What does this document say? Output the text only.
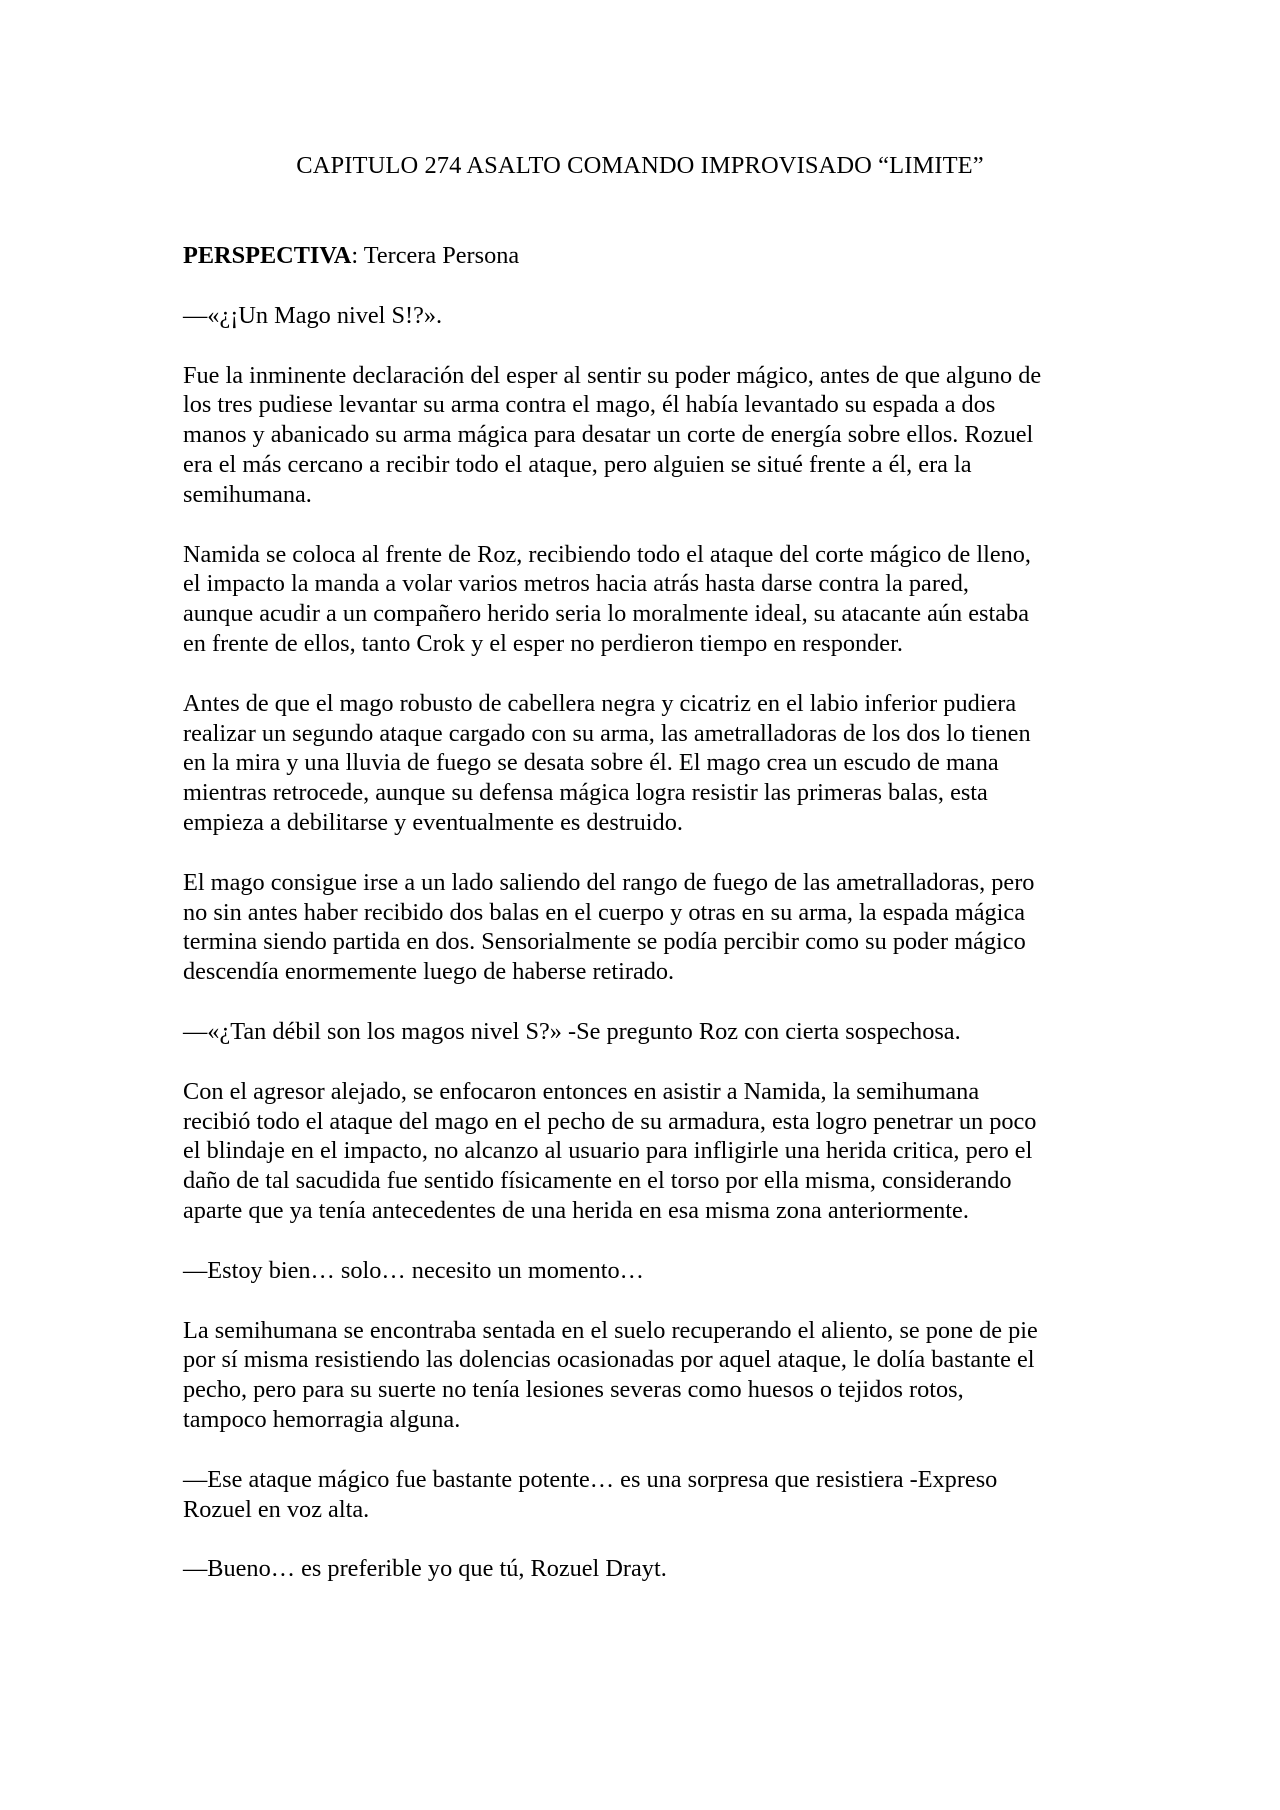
CAPITULO 274 ASALTO COMANDO IMPROVISADO “LIMITE”

PERSPECTIVA: Tercera Persona

—«¿¡Un Mago nivel S!?».

Fue la inminente declaración del esper al sentir su poder mágico, antes de que alguno de
los tres pudiese levantar su arma contra el mago, él había levantado su espada a dos
manos y abanicado su arma mágica para desatar un corte de energía sobre ellos. Rozuel
era el más cercano a recibir todo el ataque, pero alguien se situé frente a él, era la
semihumana.

Namida se coloca al frente de Roz, recibiendo todo el ataque del corte mágico de lleno,
el impacto la manda a volar varios metros hacia atrás hasta darse contra la pared,
aunque acudir a un compañero herido seria lo moralmente ideal, su atacante aún estaba
en frente de ellos, tanto Crok y el esper no perdieron tiempo en responder.

Antes de que el mago robusto de cabellera negra y cicatriz en el labio inferior pudiera
realizar un segundo ataque cargado con su arma, las ametralladoras de los dos lo tienen
en la mira y una lluvia de fuego se desata sobre él. El mago crea un escudo de mana
mientras retrocede, aunque su defensa mágica logra resistir las primeras balas, esta
empieza a debilitarse y eventualmente es destruido.

El mago consigue irse a un lado saliendo del rango de fuego de las ametralladoras, pero
no sin antes haber recibido dos balas en el cuerpo y otras en su arma, la espada mágica
termina siendo partida en dos. Sensorialmente se podía percibir como su poder mágico
descendía enormemente luego de haberse retirado.

—«¿Tan débil son los magos nivel S?» -Se pregunto Roz con cierta sospechosa.

Con el agresor alejado, se enfocaron entonces en asistir a Namida, la semihumana
recibió todo el ataque del mago en el pecho de su armadura, esta logro penetrar un poco
el blindaje en el impacto, no alcanzo al usuario para infligirle una herida critica, pero el
daño de tal sacudida fue sentido físicamente en el torso por ella misma, considerando
aparte que ya tenía antecedentes de una herida en esa misma zona anteriormente.

—Estoy bien… solo… necesito un momento…

La semihumana se encontraba sentada en el suelo recuperando el aliento, se pone de pie
por sí misma resistiendo las dolencias ocasionadas por aquel ataque, le dolía bastante el
pecho, pero para su suerte no tenía lesiones severas como huesos o tejidos rotos,
tampoco hemorragia alguna.

—Ese ataque mágico fue bastante potente… es una sorpresa que resistiera -Expreso
Rozuel en voz alta.

—Bueno… es preferible yo que tú, Rozuel Drayt.
